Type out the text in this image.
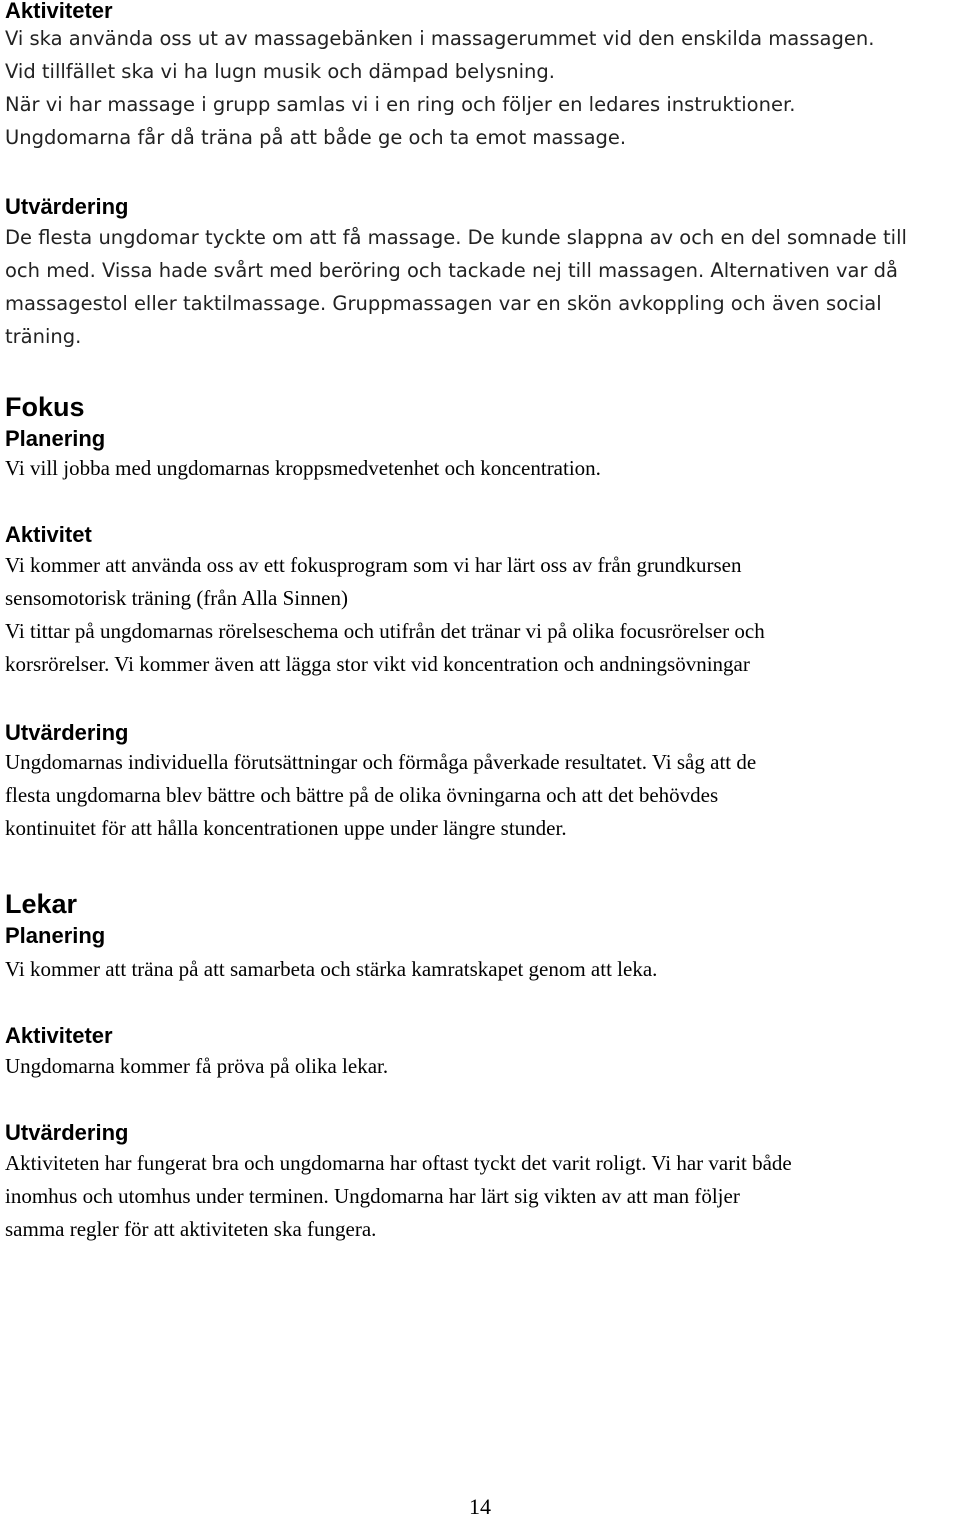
Aktiviteter

Vi ska använda oss ut av massagebänken i massagerummet vid den enskilda massagen.
Vid tillfället ska vi ha lugn musik och dämpad belysning.
När vi har massage i grupp samlas vi i en ring och följer en ledares instruktioner.
Ungdomarna får då träna på att både ge och ta emot massage.

Utvärdering

De flesta ungdomar tyckte om att få massage. De kunde slappna av och en del somnade till
och med. Vissa hade svårt med beröring och tackade nej till massagen. Alternativen var då
massagestol eller taktilmassage. Gruppmassagen var en skön avkoppling och även social
träning.

Fokus
Planering

Vi vill jobba med ungdomarnas kroppsmedvetenhet och koncentration.

Aktivitet

Vi kommer att använda oss av ett fokusprogram som vi har lärt oss av från grundkursen
sensomotorisk träning (från Alla Sinnen)
Vi tittar på ungdomarnas rörelseschema och utifrån det tränar vi på olika focusrörelser och
korsrörelser. Vi kommer även att lägga stor vikt vid koncentration och andningsövningar

Utvärdering

Ungdomarnas individuella förutsättningar och förmåga påverkade resultatet. Vi såg att de
flesta ungdomarna blev bättre och bättre på de olika övningarna och att det behövdes
kontinuitet för att hålla koncentrationen uppe under längre stunder.

Lekar
Planering

Vi kommer att träna på att samarbeta och stärka kamratskapet genom att leka.

Aktiviteter

Ungdomarna kommer få pröva på olika lekar.

Utvärdering

Aktiviteten har fungerat bra och ungdomarna har oftast tyckt det varit roligt. Vi har varit både
inomhus och utomhus under terminen. Ungdomarna har lärt sig vikten av att man följer
samma regler för att aktiviteten ska fungera.

14
